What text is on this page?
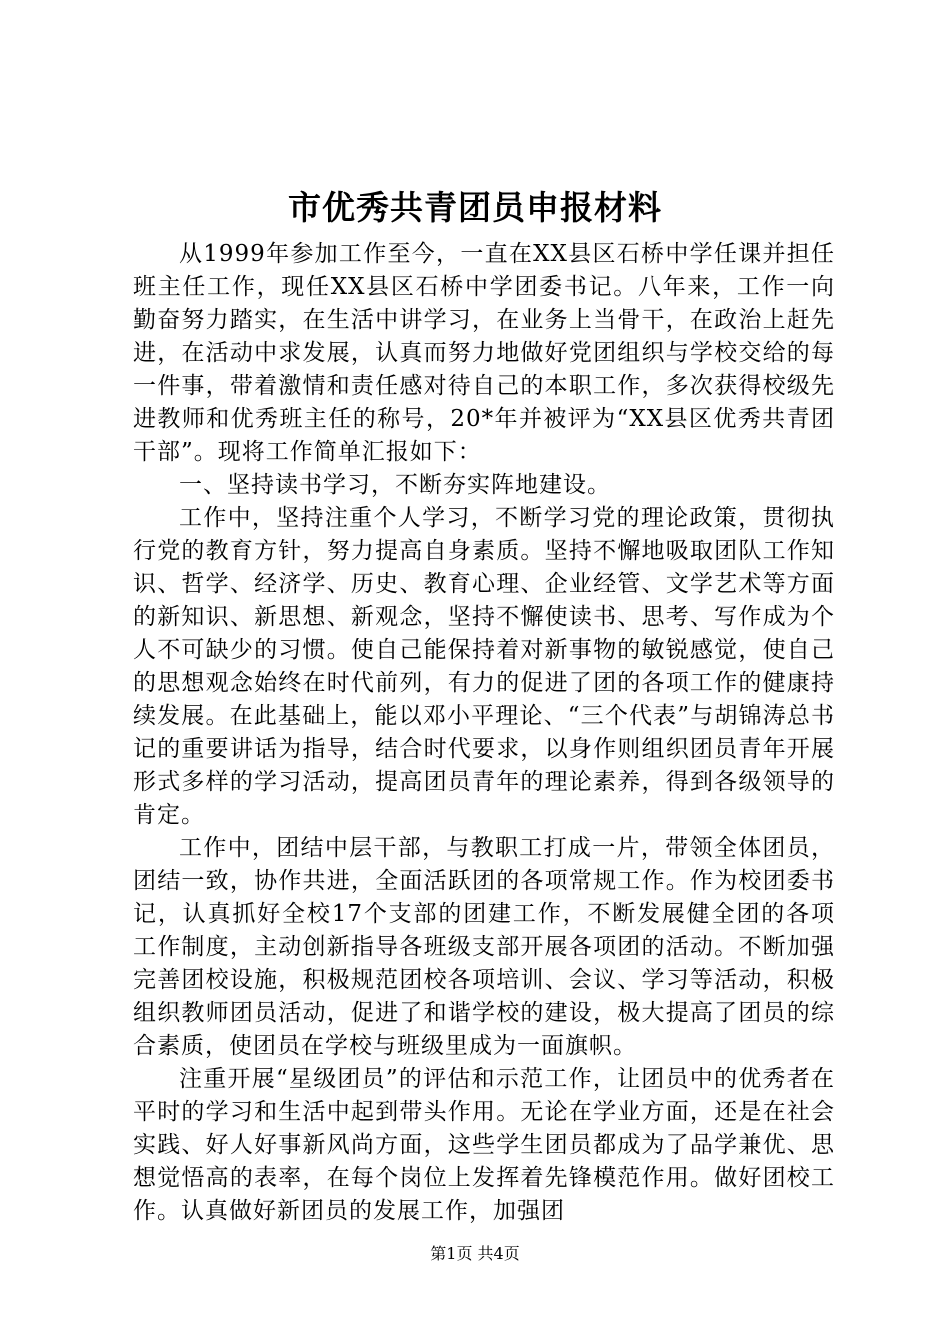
市优秀共青团员申报材料

从1999年参加工作至今，一直在XX县区石桥中学任课并担任班主任工作，现任XX县区石桥中学团委书记。八年来，工作一向勤奋努力踏实，在生活中讲学习，在业务上当骨干，在政治上赶先进，在活动中求发展，认真而努力地做好党团组织与学校交给的每一件事，带着激情和责任感对待自己的本职工作，多次获得校级先进教师和优秀班主任的称号，20*年并被评为“XX县区优秀共青团干部”。现将工作简单汇报如下：

一、坚持读书学习，不断夯实阵地建设。

工作中，坚持注重个人学习，不断学习党的理论政策，贯彻执行党的教育方针，努力提高自身素质。坚持不懈地吸取团队工作知识、哲学、经济学、历史、教育心理、企业经管、文学艺术等方面的新知识、新思想、新观念，坚持不懈使读书、思考、写作成为个人不可缺少的习惯。使自己能保持着对新事物的敏锐感觉，使自己的思想观念始终在时代前列，有力的促进了团的各项工作的健康持续发展。在此基础上，能以邓小平理论、“三个代表”与胡锦涛总书记的重要讲话为指导，结合时代要求，以身作则组织团员青年开展形式多样的学习活动，提高团员青年的理论素养，得到各级领导的肯定。

工作中，团结中层干部，与教职工打成一片，带领全体团员，团结一致，协作共进，全面活跃团的各项常规工作。作为校团委书记，认真抓好全校17个支部的团建工作，不断发展健全团的各项工作制度，主动创新指导各班级支部开展各项团的活动。不断加强完善团校设施，积极规范团校各项培训、会议、学习等活动，积极组织教师团员活动，促进了和谐学校的建设，极大提高了团员的综合素质，使团员在学校与班级里成为一面旗帜。

注重开展“星级团员”的评估和示范工作，让团员中的优秀者在平时的学习和生活中起到带头作用。无论在学业方面，还是在社会实践、好人好事新风尚方面，这些学生团员都成为了品学兼优、思想觉悟高的表率，在每个岗位上发挥着先锋模范作用。做好团校工作。认真做好新团员的发展工作，加强团

第1页 共4页
